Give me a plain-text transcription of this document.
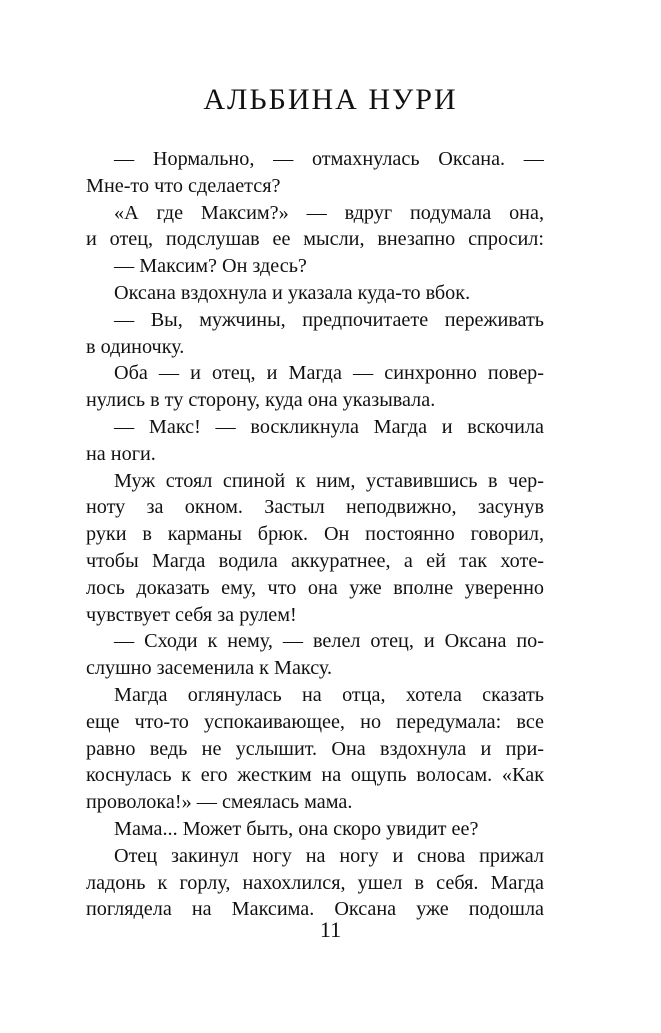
АЛЬБИНА НУРИ
— Нормально, — отмахнулась Оксана. —
Мне-то что сделается?
«А где Максим?» — вдруг подумала она,
и отец, подслушав ее мысли, внезапно спросил:
— Максим? Он здесь?
Оксана вздохнула и указала куда-то вбок.
— Вы, мужчины, предпочитаете переживать
в одиночку.
Оба — и отец, и Магда — синхронно повер-
нулись в ту сторону, куда она указывала.
— Макс! — воскликнула Магда и вскочила
на ноги.
Муж стоял спиной к ним, уставившись в чер-
ноту за окном. Застыл неподвижно, засунув
руки в карманы брюк. Он постоянно говорил,
чтобы Магда водила аккуратнее, а ей так хоте-
лось доказать ему, что она уже вполне уверенно
чувствует себя за рулем!
— Сходи к нему, — велел отец, и Оксана по-
слушно засеменила к Максу.
Магда оглянулась на отца, хотела сказать
еще что-то успокаивающее, но передумала: все
равно ведь не услышит. Она вздохнула и при-
коснулась к его жестким на ощупь волосам. «Как
проволока!» — смеялась мама.
Мама... Может быть, она скоро увидит ее?
Отец закинул ногу на ногу и снова прижал
ладонь к горлу, нахохлился, ушел в себя. Магда
поглядела на Максима. Оксана уже подошла
11
